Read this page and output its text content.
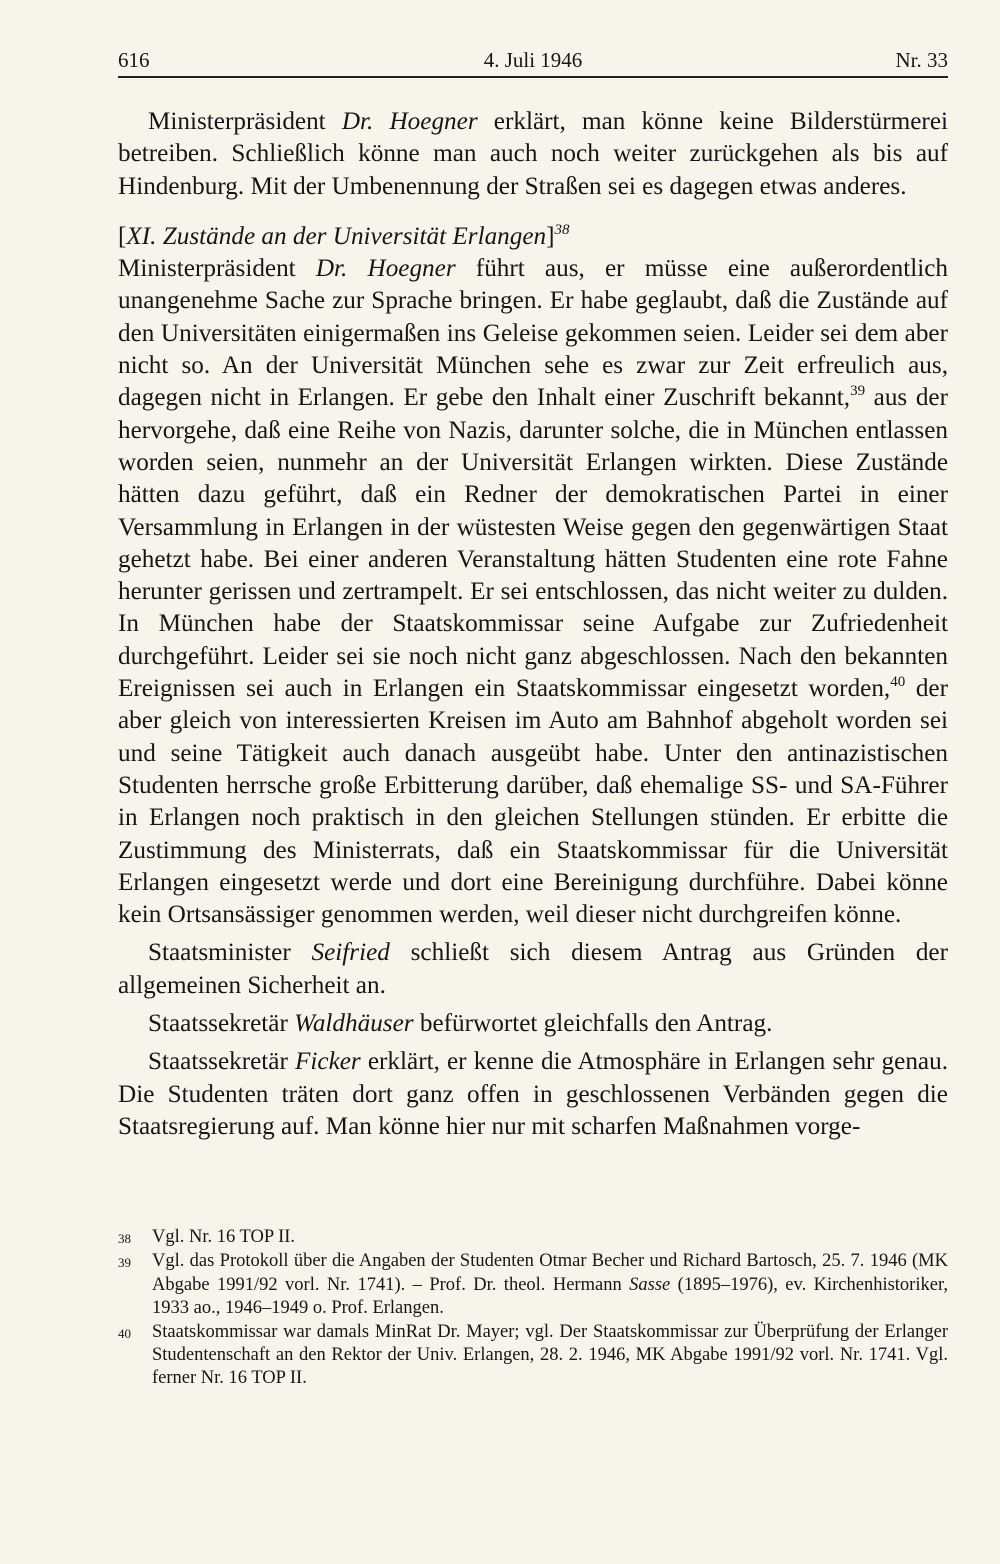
4. Juli 1946
616	Nr. 33

Ministerpräsident Dr. Hoegner erklärt, man könne keine Bilderstürmerei betreiben. Schließlich könne man auch noch weiter zurückgehen als bis auf Hindenburg. Mit der Umbenennung der Straßen sei es dagegen etwas anderes.

[XI. Zustände an der Universität Erlangen]$^{38}$

Ministerpräsident Dr. Hoegner führt aus, er müsse eine außerordentlich unangenehme Sache zur Sprache bringen. Er habe geglaubt, daß die Zustände auf den Universitäten einigermaßen ins Geleise gekommen seien. Leider sei dem aber nicht so. An der Universität München sehe es zwar zur Zeit erfreulich aus, dagegen nicht in Erlangen. Er gebe den Inhalt einer Zuschrift bekannt,$^{39}$ aus der hervorgehe, daß eine Reihe von Nazis, darunter solche, die in München entlassen worden seien, nunmehr an der Universität Erlangen wirkten. Diese Zustände hätten dazu geführt, daß ein Redner der demokratischen Partei in einer Versammlung in Erlangen in der wüstesten Weise gegen den gegenwärtigen Staat gehetzt habe. Bei einer anderen Veranstaltung hätten Studenten eine rote Fahne herunter gerissen und zertrampelt. Er sei entschlossen, das nicht weiter zu dulden. In München habe der Staatskommissar seine Aufgabe zur Zufriedenheit durchgeführt. Leider sei sie noch nicht ganz abgeschlossen. Nach den bekannten Ereignissen sei auch in Erlangen ein Staatskommissar eingesetzt worden,$^{40}$ der aber gleich von interessierten Kreisen im Auto am Bahnhof abgeholt worden sei und seine Tätigkeit auch danach ausgeübt habe. Unter den antinazistischen Studenten herrsche große Erbitterung darüber, daß ehemalige SS- und SA-Führer in Erlangen noch praktisch in den gleichen Stellungen stünden. Er erbitte die Zustimmung des Ministerrats, daß ein Staatskommissar für die Universität Erlangen eingesetzt werde und dort eine Bereinigung durchführe. Dabei könne kein Ortsansässiger genommen werden, weil dieser nicht durchgreifen könne.

Staatsminister Seifried schließt sich diesem Antrag aus Gründen der allgemeinen Sicherheit an.

Staatssekretär Waldhäuser befürwortet gleichfalls den Antrag.

Staatssekretär Ficker erklärt, er kenne die Atmosphäre in Erlangen sehr genau. Die Studenten träten dort ganz offen in geschlossenen Verbänden gegen die Staatsregierung auf. Man könne hier nur mit scharfen Maßnahmen vorge-

38	Vgl. Nr. 16 TOP II.
39	Vgl. das Protokoll über die Angaben der Studenten Otmar Becher und Richard Bartosch, 25. 7. 1946 (MK Abgabe 1991/92 vorl. Nr. 1741). – Prof. Dr. theol. Hermann Sasse (1895–1976), ev. Kirchenhistoriker, 1933 ao., 1946–1949 o. Prof. Erlangen.
40	Staatskommissar war damals MinRat Dr. Mayer; vgl. Der Staatskommissar zur Überprüfung der Erlanger Studentenschaft an den Rektor der Univ. Erlangen, 28. 2. 1946, MK Abgabe 1991/92 vorl. Nr. 1741. Vgl. ferner Nr. 16 TOP II.
